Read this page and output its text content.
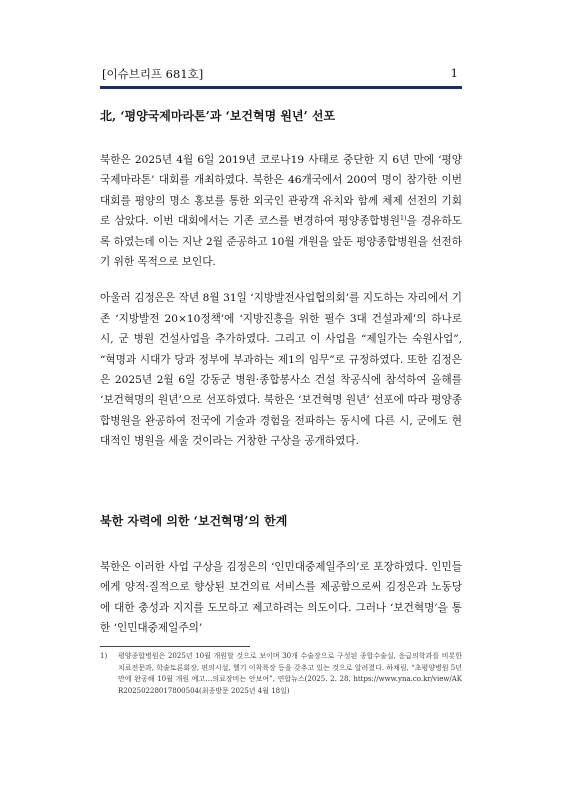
[이슈브리프 681호]	1
北, ‘평양국제마라톤’과 ‘보건혁명 원년’ 선포

북한은 2025년 4월 6일 2019년 코로나19 사태로 중단한 지 6년 만에 ‘평양국제마라톤’ 대회를 개최하였다. 북한은 46개국에서 200여 명이 참가한 이번 대회를 평양의 명소 홍보를 통한 외국인 관광객 유치와 함께 체제 선전의 기회로 삼았다. 이번 대회에서는 기존 코스를 변경하여 평양종합병원$^{1)}$을 경유하도록 하였는데 이는 지난 2월 준공하고 10월 개원을 앞둔 평양종합병원을 선전하기 위한 목적으로 보인다.

아울러 김정은은 작년 8월 31일 ‘지방발전사업협의회’를 지도하는 자리에서 기존 ‘지방발전 20×10정책’에 ‘지방진흥을 위한 필수 3대 건설과제’의 하나로 시, 군 병원 건설사업을 추가하였다. 그리고 이 사업을 “제일가는 숙원사업”, “혁명과 시대가 당과 정부에 부과하는 제1의 임무”로 규정하였다. 또한 김정은은 2025년 2월 6일 강동군 병원·종합봉사소 건설 착공식에 참석하여 올해를 ‘보건혁명의 원년’으로 선포하였다. 북한은 ‘보건혁명 원년’ 선포에 따라 평양종합병원을 완공하여 전국에 기술과 경험을 전파하는 동시에 다른 시, 군에도 현대적인 병원을 세울 것이라는 거창한 구상을 공개하였다.

북한 자력에 의한 ‘보건혁명’의 한계

북한은 이러한 사업 구상을 김정은의 ‘인민대중제일주의’로 포장하였다. 인민들에게 양적·질적으로 향상된 보건의료 서비스를 제공함으로써 김정은과 노동당에 대한 충성과 지지를 도모하고 제고하려는 의도이다. 그러나 ‘보건혁명’을 통한 ‘인민대중제일주의’

1) 평양종합병원은 2025년 10월 개원할 것으로 보이며 30개 수술장으로 구성된 종합수술실, 응급의학과를 비롯한 치료전문과, 학술토론회장, 편의시설, 헬기 이착륙장 등을 갖추고 있는 것으로 알려졌다. 하채림, “초평양병원 5년만에 완공해 10월 개원 예고…의료장비는 안보여”, 연합뉴스(2025. 2. 28, https://www.yna.co.kr/view/AKR20250228017800504(최종방문 2025년 4월 18일)
